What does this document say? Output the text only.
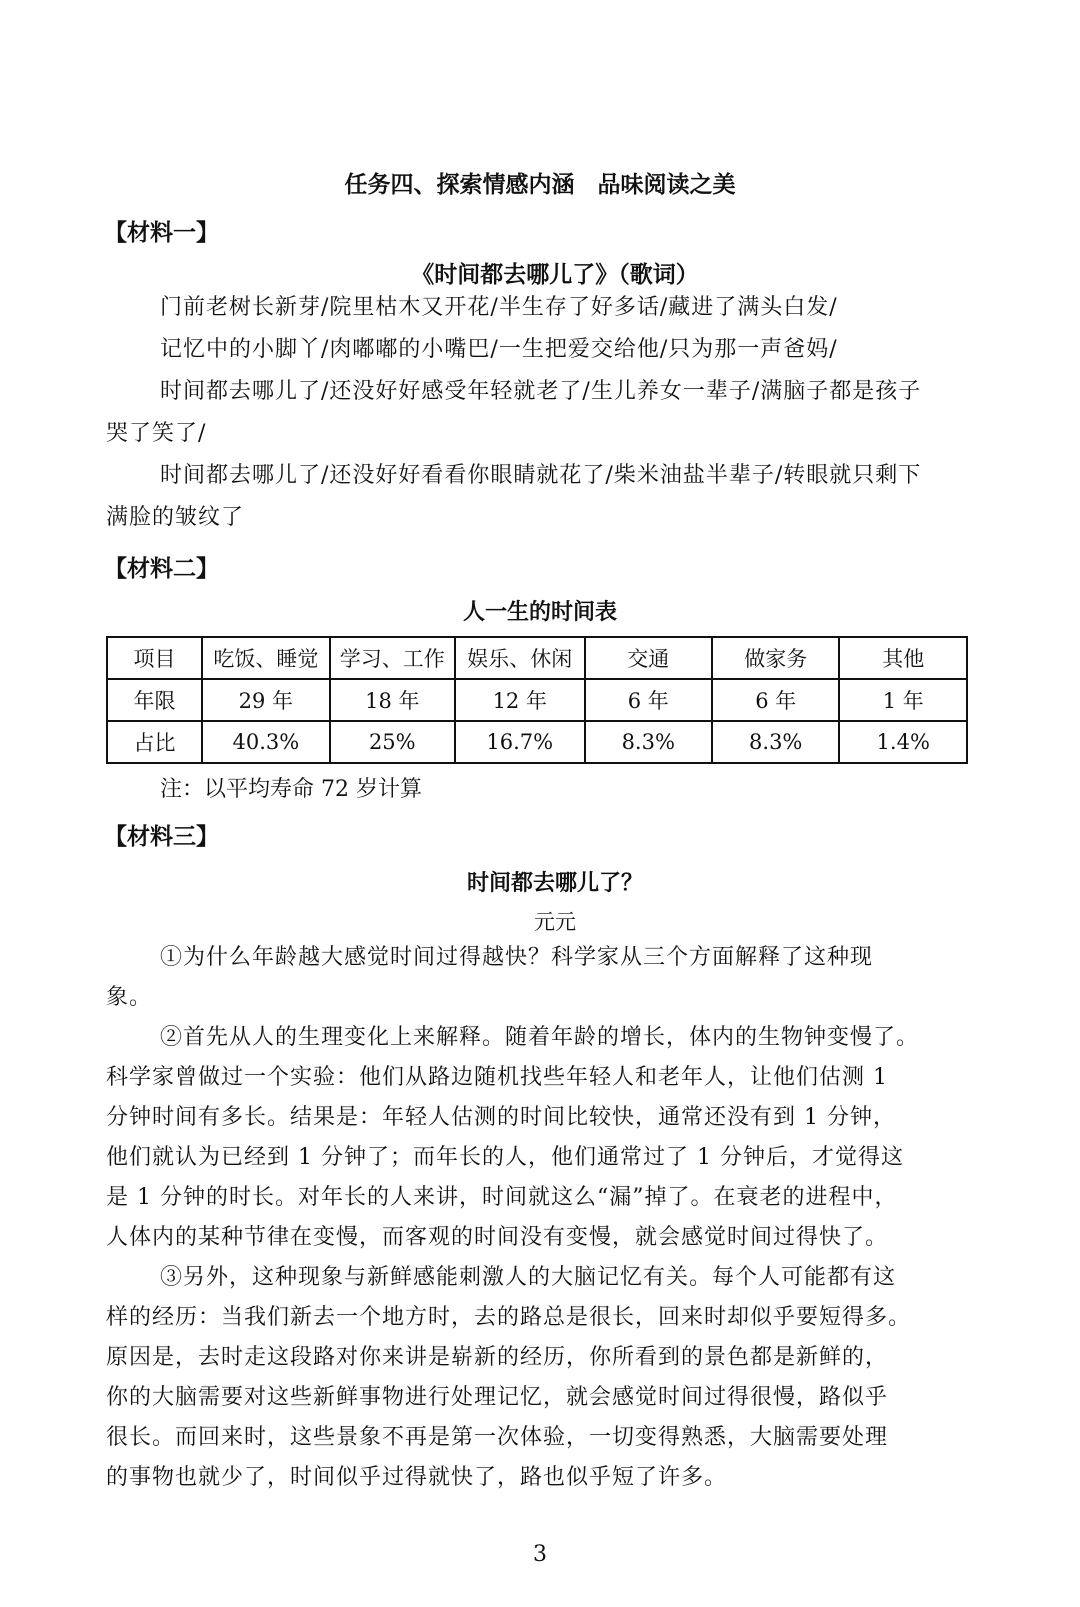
任务四、探索情感内涵　品味阅读之美
【材料一】
《时间都去哪儿了》（歌词）
门前老树长新芽/院里枯木又开花/半生存了好多话/藏进了满头白发/
记忆中的小脚丫/肉嘟嘟的小嘴巴/一生把爱交给他/只为那一声爸妈/
时间都去哪儿了/还没好好感受年轻就老了/生儿养女一辈子/满脑子都是孩子
哭了笑了/
时间都去哪儿了/还没好好看看你眼睛就花了/柴米油盐半辈子/转眼就只剩下
满脸的皱纹了
【材料二】
人一生的时间表
项目	吃饭、睡觉	学习、工作	娱乐、休闲	交通	做家务	其他
年限	29 年	18 年	12 年	6 年	6 年	1 年
占比	40.3%	25%	16.7%	8.3%	8.3%	1.4%
注：以平均寿命 72 岁计算
【材料三】
时间都去哪儿了？
元元
①为什么年龄越大感觉时间过得越快？科学家从三个方面解释了这种现
象。
②首先从人的生理变化上来解释。随着年龄的增长，体内的生物钟变慢了。
科学家曾做过一个实验：他们从路边随机找些年轻人和老年人，让他们估测 1
分钟时间有多长。结果是：年轻人估测的时间比较快，通常还没有到 1 分钟，
他们就认为已经到 1 分钟了；而年长的人，他们通常过了 1 分钟后，才觉得这
是 1 分钟的时长。对年长的人来讲，时间就这么“漏”掉了。在衰老的进程中，
人体内的某种节律在变慢，而客观的时间没有变慢，就会感觉时间过得快了。
③另外，这种现象与新鲜感能刺激人的大脑记忆有关。每个人可能都有这
样的经历：当我们新去一个地方时，去的路总是很长，回来时却似乎要短得多。
原因是，去时走这段路对你来讲是崭新的经历，你所看到的景色都是新鲜的，
你的大脑需要对这些新鲜事物进行处理记忆，就会感觉时间过得很慢，路似乎
很长。而回来时，这些景象不再是第一次体验，一切变得熟悉，大脑需要处理
的事物也就少了，时间似乎过得就快了，路也似乎短了许多。
3
